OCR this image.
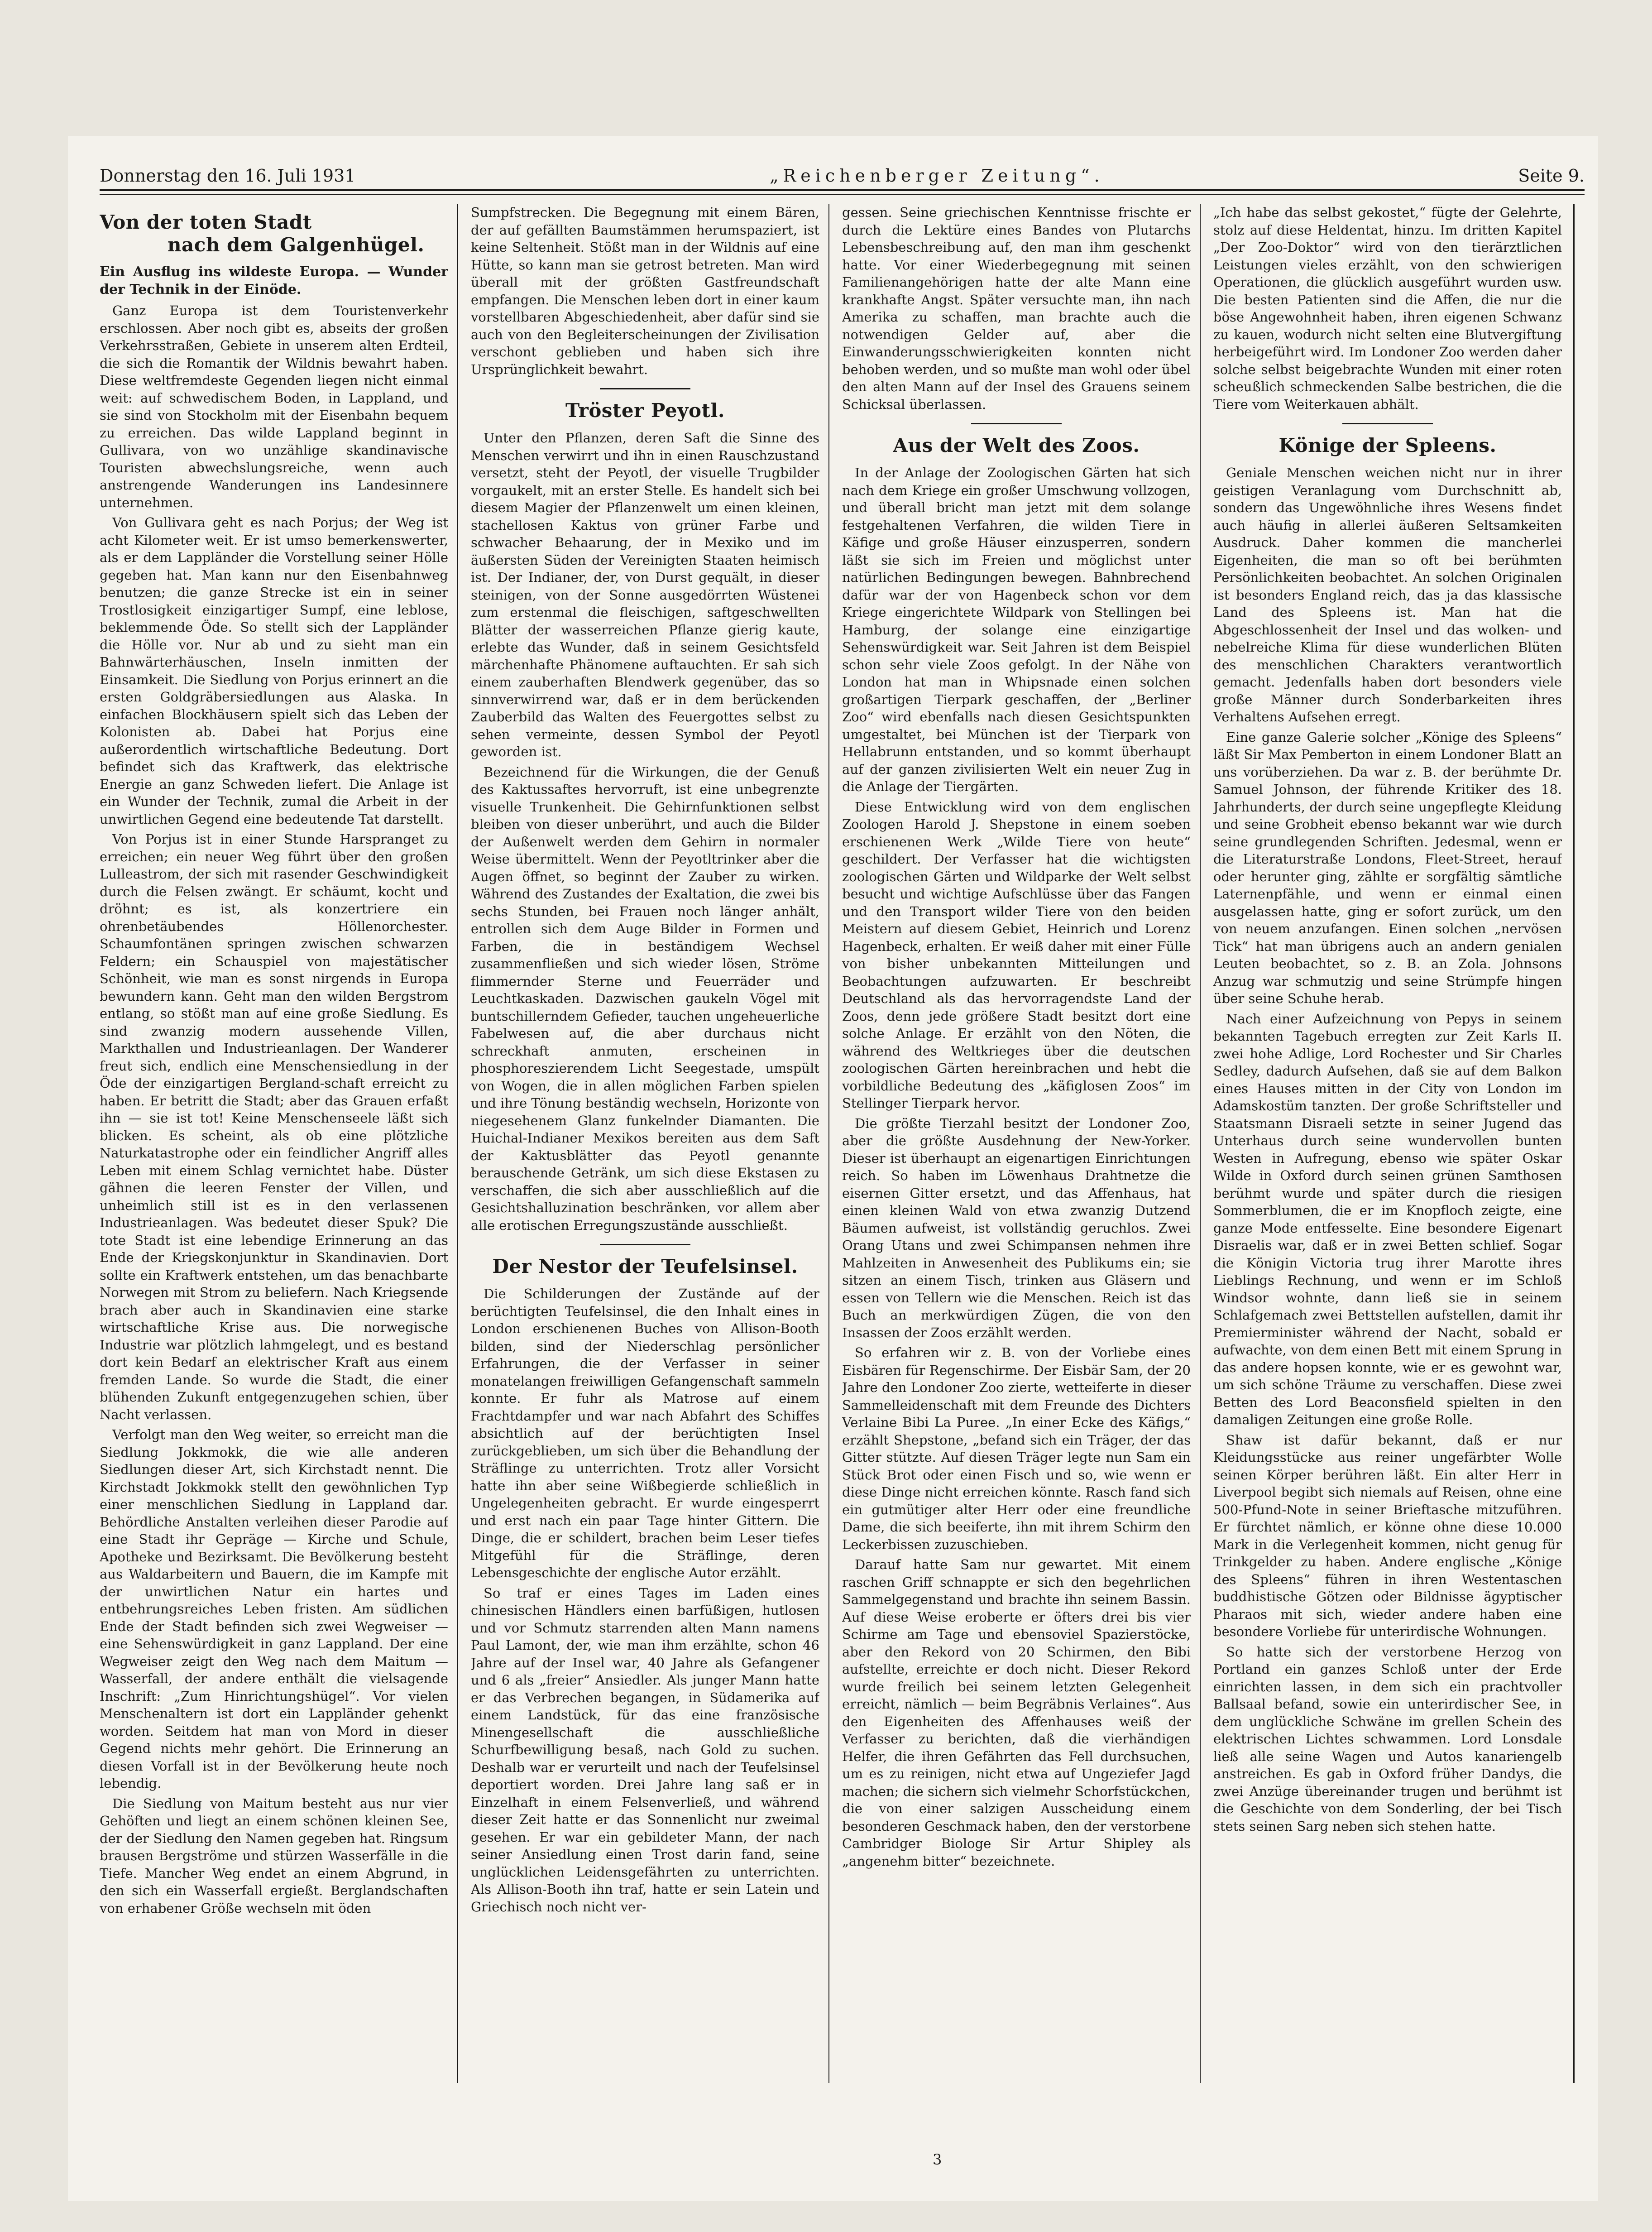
Donnerstag den 16. Juli 1931	„Reichenberger Zeitung“.	Seite 9.
Von der toten Stadt
nach dem Galgenhügel.

Ein Ausflug ins wildeste Europa. — Wunder der Technik in der Einöde.

Ganz Europa ist dem Touristenverkehr erschlossen. Aber noch gibt es, abseits der großen Verkehrsstraßen, Gebiete in unserem alten Erdteil, die sich die Romantik der Wildnis bewahrt haben. Diese weltfremdeste Gegenden liegen nicht einmal weit: auf schwedischem Boden, in Lappland, und sie sind von Stockholm mit der Eisenbahn bequem zu erreichen. Das wilde Lappland beginnt in Gullivara, von wo unzählige skandinavische Touristen abwechslungsreiche, wenn auch anstrengende Wanderungen ins Landesinnere unternehmen.

Von Gullivara geht es nach Porjus; der Weg ist acht Kilometer weit. Er ist umso bemerkenswerter, als er dem Lappländer die Vorstellung seiner Hölle gegeben hat. Man kann nur den Eisenbahnweg benutzen; die ganze Strecke ist ein in seiner Trostlosigkeit einzigartiger Sumpf, eine leblose, beklemmende Öde. So stellt sich der Lappländer die Hölle vor. Nur ab und zu sieht man ein Bahnwärterhäuschen, Inseln inmitten der Einsamkeit. Die Siedlung von Porjus erinnert an die ersten Goldgräbersiedlungen aus Alaska. In einfachen Blockhäusern spielt sich das Leben der Kolonisten ab. Dabei hat Porjus eine außerordentlich wirtschaftliche Bedeutung. Dort befindet sich das Kraftwerk, das elektrische Energie an ganz Schweden liefert. Die Anlage ist ein Wunder der Technik, zumal die Arbeit in der unwirtlichen Gegend eine bedeutende Tat darstellt.

Von Porjus ist in einer Stunde Harspranget zu erreichen; ein neuer Weg führt über den großen Lulleastrom, der sich mit rasender Geschwindigkeit durch die Felsen zwängt. Er schäumt, kocht und dröhnt; es ist, als konzertriere ein ohrenbetäubendes Höllenorchester. Schaumfontänen springen zwischen schwarzen Feldern; ein Schauspiel von majestätischer Schönheit, wie man es sonst nirgends in Europa bewundern kann. Geht man den wilden Bergstrom entlang, so stößt man auf eine große Siedlung. Es sind zwanzig modern aussehende Villen, Markthallen und Industrieanlagen. Der Wanderer freut sich, endlich eine Menschensiedlung in der Öde der einzigartigen Bergland-schaft erreicht zu haben. Er betritt die Stadt; aber das Grauen erfaßt ihn — sie ist tot! Keine Menschenseele läßt sich blicken. Es scheint, als ob eine plötzliche Naturkatastrophe oder ein feindlicher Angriff alles Leben mit einem Schlag vernichtet habe. Düster gähnen die leeren Fenster der Villen, und unheimlich still ist es in den verlassenen Industrieanlagen. Was bedeutet dieser Spuk? Die tote Stadt ist eine lebendige Erinnerung an das Ende der Kriegskonjunktur in Skandinavien. Dort sollte ein Kraftwerk entstehen, um das benachbarte Norwegen mit Strom zu beliefern. Nach Kriegsende brach aber auch in Skandinavien eine starke wirtschaftliche Krise aus. Die norwegische Industrie war plötzlich lahmgelegt, und es bestand dort kein Bedarf an elektrischer Kraft aus einem fremden Lande. So wurde die Stadt, die einer blühenden Zukunft entgegenzugehen schien, über Nacht verlassen.

Verfolgt man den Weg weiter, so erreicht man die Siedlung Jokkmokk, die wie alle anderen Siedlungen dieser Art, sich Kirchstadt nennt. Die Kirchstadt Jokkmokk stellt den gewöhnlichen Typ einer menschlichen Siedlung in Lappland dar. Behördliche Anstalten verleihen dieser Parodie auf eine Stadt ihr Gepräge — Kirche und Schule, Apotheke und Bezirksamt. Die Bevölkerung besteht aus Waldarbeitern und Bauern, die im Kampfe mit der unwirtlichen Natur ein hartes und entbehrungsreiches Leben fristen. Am südlichen Ende der Stadt befinden sich zwei Wegweiser — eine Sehenswürdigkeit in ganz Lappland. Der eine Wegweiser zeigt den Weg nach dem Maitum — Wasserfall, der andere enthält die vielsagende Inschrift: „Zum Hinrichtungshügel“. Vor vielen Menschenaltern ist dort ein Lappländer gehenkt worden. Seitdem hat man von Mord in dieser Gegend nichts mehr gehört. Die Erinnerung an diesen Vorfall ist in der Bevölkerung heute noch lebendig.

Die Siedlung von Maitum besteht aus nur vier Gehöften und liegt an einem schönen kleinen See, der der Siedlung den Namen gegeben hat. Ringsum brausen Bergströme und stürzen Wasserfälle in die Tiefe. Mancher Weg endet an einem Abgrund, in den sich ein Wasserfall ergießt. Berglandschaften von erhabener Größe wechseln mit öden

Sumpfstrecken. Die Begegnung mit einem Bären, der auf gefällten Baumstämmen herumspaziert, ist keine Seltenheit. Stößt man in der Wildnis auf eine Hütte, so kann man sie getrost betreten. Man wird überall mit der größten Gastfreundschaft empfangen. Die Menschen leben dort in einer kaum vorstellbaren Abgeschiedenheit, aber dafür sind sie auch von den Begleiterscheinungen der Zivilisation verschont geblieben und haben sich ihre Ursprünglichkeit bewahrt.

Tröster Peyotl.

Unter den Pflanzen, deren Saft die Sinne des Menschen verwirrt und ihn in einen Rauschzustand versetzt, steht der Peyotl, der visuelle Trugbilder vorgaukelt, mit an erster Stelle. Es handelt sich bei diesem Magier der Pflanzenwelt um einen kleinen, stachellosen Kaktus von grüner Farbe und schwacher Behaarung, der in Mexiko und im äußersten Süden der Vereinigten Staaten heimisch ist. Der Indianer, der, von Durst gequält, in dieser steinigen, von der Sonne ausgedörrten Wüstenei zum erstenmal die fleischigen, saftgeschwellten Blätter der wasserreichen Pflanze gierig kaute, erlebte das Wunder, daß in seinem Gesichtsfeld märchenhafte Phänomene auftauchten. Er sah sich einem zauberhaften Blendwerk gegenüber, das so sinnverwirrend war, daß er in dem berückenden Zauberbild das Walten des Feuergottes selbst zu sehen vermeinte, dessen Symbol der Peyotl geworden ist.

Bezeichnend für die Wirkungen, die der Genuß des Kaktussaftes hervorruft, ist eine unbegrenzte visuelle Trunkenheit. Die Gehirnfunktionen selbst bleiben von dieser unberührt, und auch die Bilder der Außenwelt werden dem Gehirn in normaler Weise übermittelt. Wenn der Peyotltrinker aber die Augen öffnet, so beginnt der Zauber zu wirken. Während des Zustandes der Exaltation, die zwei bis sechs Stunden, bei Frauen noch länger anhält, entrollen sich dem Auge Bilder in Formen und Farben, die in beständigem Wechsel zusammenfließen und sich wieder lösen, Ströme flimmernder Sterne und Feuerräder und Leuchtkaskaden. Dazwischen gaukeln Vögel mit buntschillerndem Gefieder, tauchen ungeheuerliche Fabelwesen auf, die aber durchaus nicht schreckhaft anmuten, erscheinen in phosphoreszierendem Licht Seegestade, umspült von Wogen, die in allen möglichen Farben spielen und ihre Tönung beständig wechseln, Horizonte von niegesehenem Glanz funkelnder Diamanten. Die Huichal-Indianer Mexikos bereiten aus dem Saft der Kaktusblätter das Peyotl genannte berauschende Getränk, um sich diese Ekstasen zu verschaffen, die sich aber ausschließlich auf die Gesichtshalluzination beschränken, vor allem aber alle erotischen Erregungszustände ausschließt.

Der Nestor der Teufelsinsel.

Die Schilderungen der Zustände auf der berüchtigten Teufelsinsel, die den Inhalt eines in London erschienenen Buches von Allison-Booth bilden, sind der Niederschlag persönlicher Erfahrungen, die der Verfasser in seiner monatelangen freiwilligen Gefangenschaft sammeln konnte. Er fuhr als Matrose auf einem Frachtdampfer und war nach Abfahrt des Schiffes absichtlich auf der berüchtigten Insel zurückgeblieben, um sich über die Behandlung der Sträflinge zu unterrichten. Trotz aller Vorsicht hatte ihn aber seine Wißbegierde schließlich in Ungelegenheiten gebracht. Er wurde eingesperrt und erst nach ein paar Tage hinter Gittern. Die Dinge, die er schildert, brachen beim Leser tiefes Mitgefühl für die Sträflinge, deren Lebensgeschichte der englische Autor erzählt.

So traf er eines Tages im Laden eines chinesischen Händlers einen barfüßigen, hutlosen und vor Schmutz starrenden alten Mann namens Paul Lamont, der, wie man ihm erzählte, schon 46 Jahre auf der Insel war, 40 Jahre als Gefangener und 6 als „freier“ Ansiedler. Als junger Mann hatte er das Verbrechen begangen, in Südamerika auf einem Landstück, für das eine französische Minengesellschaft die ausschließliche Schurfbewilligung besaß, nach Gold zu suchen. Deshalb war er verurteilt und nach der Teufelsinsel deportiert worden. Drei Jahre lang saß er in Einzelhaft in einem Felsenverließ, und während dieser Zeit hatte er das Sonnenlicht nur zweimal gesehen. Er war ein gebildeter Mann, der nach seiner Ansiedlung einen Trost darin fand, seine unglücklichen Leidensgefährten zu unterrichten. Als Allison-Booth ihn traf, hatte er sein Latein und Griechisch noch nicht ver-

gessen. Seine griechischen Kenntnisse frischte er durch die Lektüre eines Bandes von Plutarchs Lebensbeschreibung auf, den man ihm geschenkt hatte. Vor einer Wiederbegegnung mit seinen Familienangehörigen hatte der alte Mann eine krankhafte Angst. Später versuchte man, ihn nach Amerika zu schaffen, man brachte auch die notwendigen Gelder auf, aber die Einwanderungsschwierigkeiten konnten nicht behoben werden, und so mußte man wohl oder übel den alten Mann auf der Insel des Grauens seinem Schicksal überlassen.

Aus der Welt des Zoos.

In der Anlage der Zoologischen Gärten hat sich nach dem Kriege ein großer Umschwung vollzogen, und überall bricht man jetzt mit dem solange festgehaltenen Verfahren, die wilden Tiere in Käfige und große Häuser einzusperren, sondern läßt sie sich im Freien und möglichst unter natürlichen Bedingungen bewegen. Bahnbrechend dafür war der von Hagenbeck schon vor dem Kriege eingerichtete Wildpark von Stellingen bei Hamburg, der solange eine einzigartige Sehenswürdigkeit war. Seit Jahren ist dem Beispiel schon sehr viele Zoos gefolgt. In der Nähe von London hat man in Whipsnade einen solchen großartigen Tierpark geschaffen, der „Berliner Zoo“ wird ebenfalls nach diesen Gesichtspunkten umgestaltet, bei München ist der Tierpark von Hellabrunn entstanden, und so kommt überhaupt auf der ganzen zivilisierten Welt ein neuer Zug in die Anlage der Tiergärten.

Diese Entwicklung wird von dem englischen Zoologen Harold J. Shepstone in einem soeben erschienenen Werk „Wilde Tiere von heute“ geschildert. Der Verfasser hat die wichtigsten zoologischen Gärten und Wildparke der Welt selbst besucht und wichtige Aufschlüsse über das Fangen und den Transport wilder Tiere von den beiden Meistern auf diesem Gebiet, Heinrich und Lorenz Hagenbeck, erhalten. Er weiß daher mit einer Fülle von bisher unbekannten Mitteilungen und Beobachtungen aufzuwarten. Er beschreibt Deutschland als das hervorragendste Land der Zoos, denn jede größere Stadt besitzt dort eine solche Anlage. Er erzählt von den Nöten, die während des Weltkrieges über die deutschen zoologischen Gärten hereinbrachen und hebt die vorbildliche Bedeutung des „käfiglosen Zoos“ im Stellinger Tierpark hervor.

Die größte Tierzahl besitzt der Londoner Zoo, aber die größte Ausdehnung der New-Yorker. Dieser ist überhaupt an eigenartigen Einrichtungen reich. So haben im Löwenhaus Drahtnetze die eisernen Gitter ersetzt, und das Affenhaus, hat einen kleinen Wald von etwa zwanzig Dutzend Bäumen aufweist, ist vollständig geruchlos. Zwei Orang Utans und zwei Schimpansen nehmen ihre Mahlzeiten in Anwesenheit des Publikums ein; sie sitzen an einem Tisch, trinken aus Gläsern und essen von Tellern wie die Menschen. Reich ist das Buch an merkwürdigen Zügen, die von den Insassen der Zoos erzählt werden.

So erfahren wir z. B. von der Vorliebe eines Eisbären für Regenschirme. Der Eisbär Sam, der 20 Jahre den Londoner Zoo zierte, wetteiferte in dieser Sammelleidenschaft mit dem Freunde des Dichters Verlaine Bibi La Puree. „In einer Ecke des Käfigs,“ erzählt Shepstone, „befand sich ein Träger, der das Gitter stützte. Auf diesen Träger legte nun Sam ein Stück Brot oder einen Fisch und so, wie wenn er diese Dinge nicht erreichen könnte. Rasch fand sich ein gutmütiger alter Herr oder eine freundliche Dame, die sich beeiferte, ihn mit ihrem Schirm den Leckerbissen zuzuschieben.

Darauf hatte Sam nur gewartet. Mit einem raschen Griff schnappte er sich den begehrlichen Sammelgegenstand und brachte ihn seinem Bassin. Auf diese Weise eroberte er öfters drei bis vier Schirme am Tage und ebensoviel Spazierstöcke, aber den Rekord von 20 Schirmen, den Bibi aufstellte, erreichte er doch nicht. Dieser Rekord wurde freilich bei seinem letzten Gelegenheit erreicht, nämlich — beim Begräbnis Verlaines“. Aus den Eigenheiten des Affenhauses weiß der Verfasser zu berichten, daß die vierhändigen Helfer, die ihren Gefährten das Fell durchsuchen, um es zu reinigen, nicht etwa auf Ungeziefer Jagd machen; die sichern sich vielmehr Schorfstückchen, die von einer salzigen Ausscheidung einem besonderen Geschmack haben, den der verstorbene Cambridger Biologe Sir Artur Shipley als „angenehm bitter“ bezeichnete.

„Ich habe das selbst gekostet,“ fügte der Gelehrte, stolz auf diese Heldentat, hinzu. Im dritten Kapitel „Der Zoo-Doktor“ wird von den tierärztlichen Leistungen vieles erzählt, von den schwierigen Operationen, die glücklich ausgeführt wurden usw. Die besten Patienten sind die Affen, die nur die böse Angewohnheit haben, ihren eigenen Schwanz zu kauen, wodurch nicht selten eine Blutvergiftung herbeigeführt wird. Im Londoner Zoo werden daher solche selbst beigebrachte Wunden mit einer roten scheußlich schmeckenden Salbe bestrichen, die die Tiere vom Weiterkauen abhält.

Könige der Spleens.

Geniale Menschen weichen nicht nur in ihrer geistigen Veranlagung vom Durchschnitt ab, sondern das Ungewöhnliche ihres Wesens findet auch häufig in allerlei äußeren Seltsamkeiten Ausdruck. Daher kommen die mancherlei Eigenheiten, die man so oft bei berühmten Persönlichkeiten beobachtet. An solchen Originalen ist besonders England reich, das ja das klassische Land des Spleens ist. Man hat die Abgeschlossenheit der Insel und das wolken- und nebelreiche Klima für diese wunderlichen Blüten des menschlichen Charakters verantwortlich gemacht. Jedenfalls haben dort besonders viele große Männer durch Sonderbarkeiten ihres Verhaltens Aufsehen erregt.

Eine ganze Galerie solcher „Könige des Spleens“ läßt Sir Max Pemberton in einem Londoner Blatt an uns vorüberziehen. Da war z. B. der berühmte Dr. Samuel Johnson, der führende Kritiker des 18. Jahrhunderts, der durch seine ungepflegte Kleidung und seine Grobheit ebenso bekannt war wie durch seine grundlegenden Schriften. Jedesmal, wenn er die Literaturstraße Londons, Fleet-Street, herauf oder herunter ging, zählte er sorgfältig sämtliche Laternenpfähle, und wenn er einmal einen ausgelassen hatte, ging er sofort zurück, um den von neuem anzufangen. Einen solchen „nervösen Tick“ hat man übrigens auch an andern genialen Leuten beobachtet, so z. B. an Zola. Johnsons Anzug war schmutzig und seine Strümpfe hingen über seine Schuhe herab.

Nach einer Aufzeichnung von Pepys in seinem bekannten Tagebuch erregten zur Zeit Karls II. zwei hohe Adlige, Lord Rochester und Sir Charles Sedley, dadurch Aufsehen, daß sie auf dem Balkon eines Hauses mitten in der City von London im Adamskostüm tanzten. Der große Schriftsteller und Staatsmann Disraeli setzte in seiner Jugend das Unterhaus durch seine wundervollen bunten Westen in Aufregung, ebenso wie später Oskar Wilde in Oxford durch seinen grünen Samthosen berühmt wurde und später durch die riesigen Sommerblumen, die er im Knopfloch zeigte, eine ganze Mode entfesselte. Eine besondere Eigenart Disraelis war, daß er in zwei Betten schlief. Sogar die Königin Victoria trug ihrer Marotte ihres Lieblings Rechnung, und wenn er im Schloß Windsor wohnte, dann ließ sie in seinem Schlafgemach zwei Bettstellen aufstellen, damit ihr Premierminister während der Nacht, sobald er aufwachte, von dem einen Bett mit einem Sprung in das andere hopsen konnte, wie er es gewohnt war, um sich schöne Träume zu verschaffen. Diese zwei Betten des Lord Beaconsfield spielten in den damaligen Zeitungen eine große Rolle.

Shaw ist dafür bekannt, daß er nur Kleidungsstücke aus reiner ungefärbter Wolle seinen Körper berühren läßt. Ein alter Herr in Liverpool begibt sich niemals auf Reisen, ohne eine 500-Pfund-Note in seiner Brieftasche mitzuführen. Er fürchtet nämlich, er könne ohne diese 10.000 Mark in die Verlegenheit kommen, nicht genug für Trinkgelder zu haben. Andere englische „Könige des Spleens“ führen in ihren Westentaschen buddhistische Götzen oder Bildnisse ägyptischer Pharaos mit sich, wieder andere haben eine besondere Vorliebe für unterirdische Wohnungen.

So hatte sich der verstorbene Herzog von Portland ein ganzes Schloß unter der Erde einrichten lassen, in dem sich ein prachtvoller Ballsaal befand, sowie ein unterirdischer See, in dem unglückliche Schwäne im grellen Schein des elektrischen Lichtes schwammen. Lord Lonsdale ließ alle seine Wagen und Autos kanariengelb anstreichen. Es gab in Oxford früher Dandys, die zwei Anzüge übereinander trugen und berühmt ist die Geschichte von dem Sonderling, der bei Tisch stets seinen Sarg neben sich stehen hatte.

3
